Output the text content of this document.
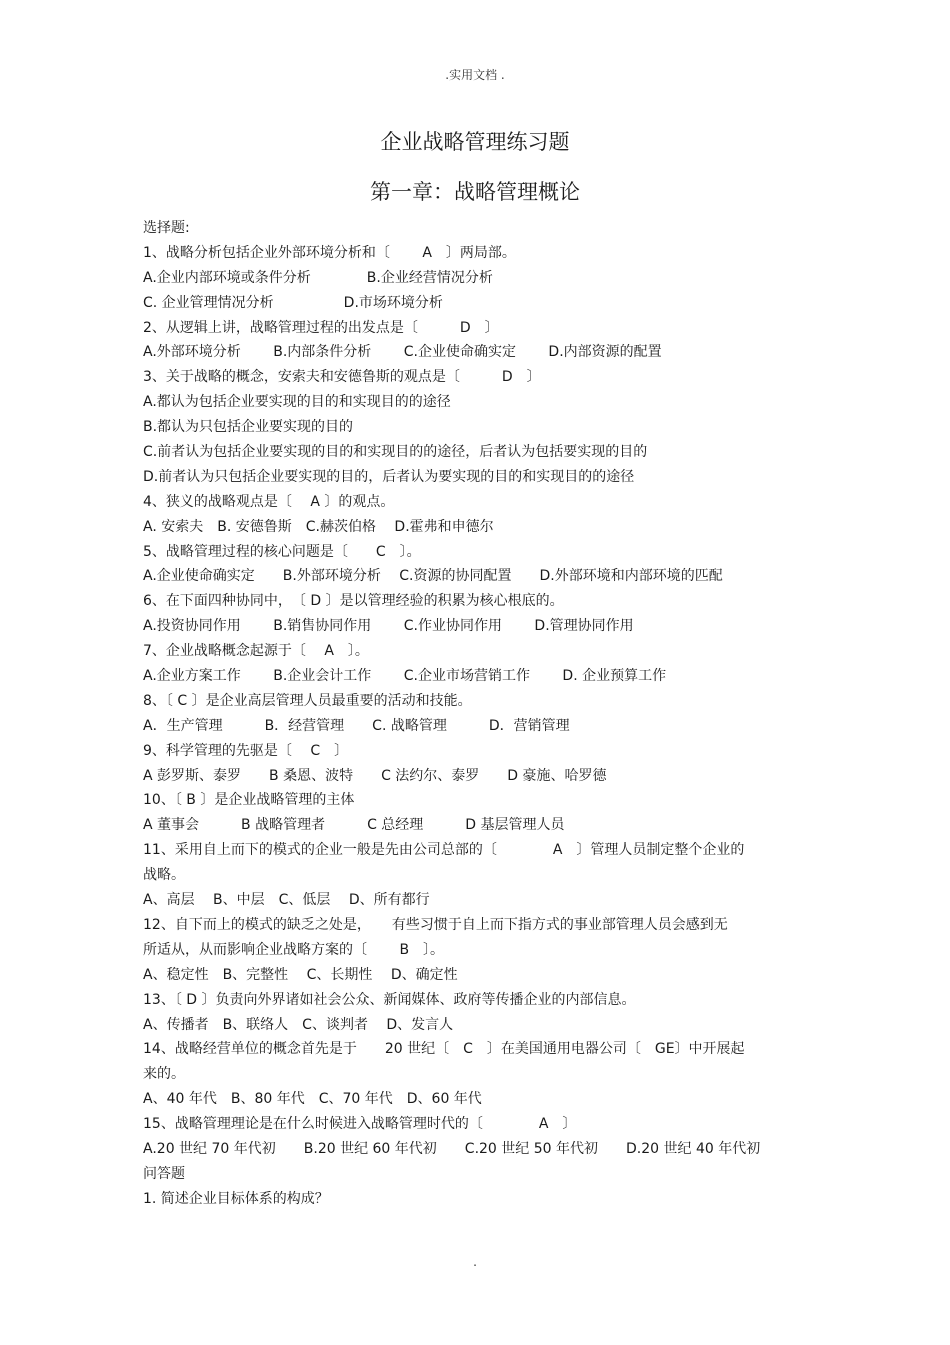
.实用文档 .
企业战略管理练习题
第一章：战略管理概论
选择题:
1、战略分析包括企业外部环境分析和〔　　 A　〕两局部。
A.企业内部环境或条件分析　　　　B.企业经营情况分析
C. 企业管理情况分析　　　　　D.市场环境分析
2、从逻辑上讲，战略管理过程的出发点是〔　　　D　〕
A.外部环境分析　　 B.内部条件分析　　 C.企业使命确实定　　 D.内部资源的配置
3、关于战略的概念，安索夫和安德鲁斯的观点是〔　　　D　〕
A.都认为包括企业要实现的目的和实现目的的途径
B.都认为只包括企业要实现的目的
C.前者认为包括企业要实现的目的和实现目的的途径，后者认为包括要实现的目的
D.前者认为只包括企业要实现的目的，后者认为要实现的目的和实现目的的途径
4、狭义的战略观点是〔　 A 〕的观点。
A. 安索夫　B. 安德鲁斯　C.赫茨伯格　 D.霍弗和申德尔
5、战略管理过程的核心问题是〔　　C　〕。
A.企业使命确实定　　B.外部环境分析　 C.资源的协同配置　　D.外部环境和内部环境的匹配
6、在下面四种协同中，　〔 D 〕是以管理经验的积累为核心根底的。
A.投资协同作用　　 B.销售协同作用　　 C.作业协同作用　　 D.管理协同作用
7、企业战略概念起源于〔　 A　〕。
A.企业方案工作　　 B.企业会计工作　　 C.企业市场营销工作　　 D. 企业预算工作
8、〔 C 〕是企业高层管理人员最重要的活动和技能。
A．生产管理　　　B．经营管理　　C. 战略管理　　　D．营销管理
9、科学管理的先驱是〔　 C　〕
A 彭罗斯、泰罗　　B 桑恩、波特　　C 法约尔、泰罗　　D 豪施、哈罗德
10、〔 B 〕是企业战略管理的主体
A 董事会　　　B 战略管理者　　　C 总经理　　　D 基层管理人员
11、采用自上而下的模式的企业一般是先由公司总部的〔　　　　A　〕管理人员制定整个企业的
战略。
A、高层　 B、中层　C、低层　 D、所有都行
12、自下而上的模式的缺乏之处是，　　有些习惯于自上而下指方式的事业部管理人员会感到无
所适从，从而影响企业战略方案的〔　　 B　〕。
A、稳定性　B、完整性　 C、长期性　 D、确定性
13、〔 D 〕负责向外界诸如社会公众、新闻媒体、政府等传播企业的内部信息。
A、传播者　B、联络人　C、谈判者　 D、发言人
14、战略经营单位的概念首先是于　　20 世纪〔　C　〕在美国通用电器公司〔　GE〕中开展起
来的。
A、40 年代　B、80 年代　C、70 年代　D、60 年代
15、战略管理理论是在什么时候进入战略管理时代的〔　　　　A　〕
A.20 世纪 70 年代初　　B.20 世纪 60 年代初　　C.20 世纪 50 年代初　　D.20 世纪 40 年代初
问答题
1. 简述企业目标体系的构成？
.
